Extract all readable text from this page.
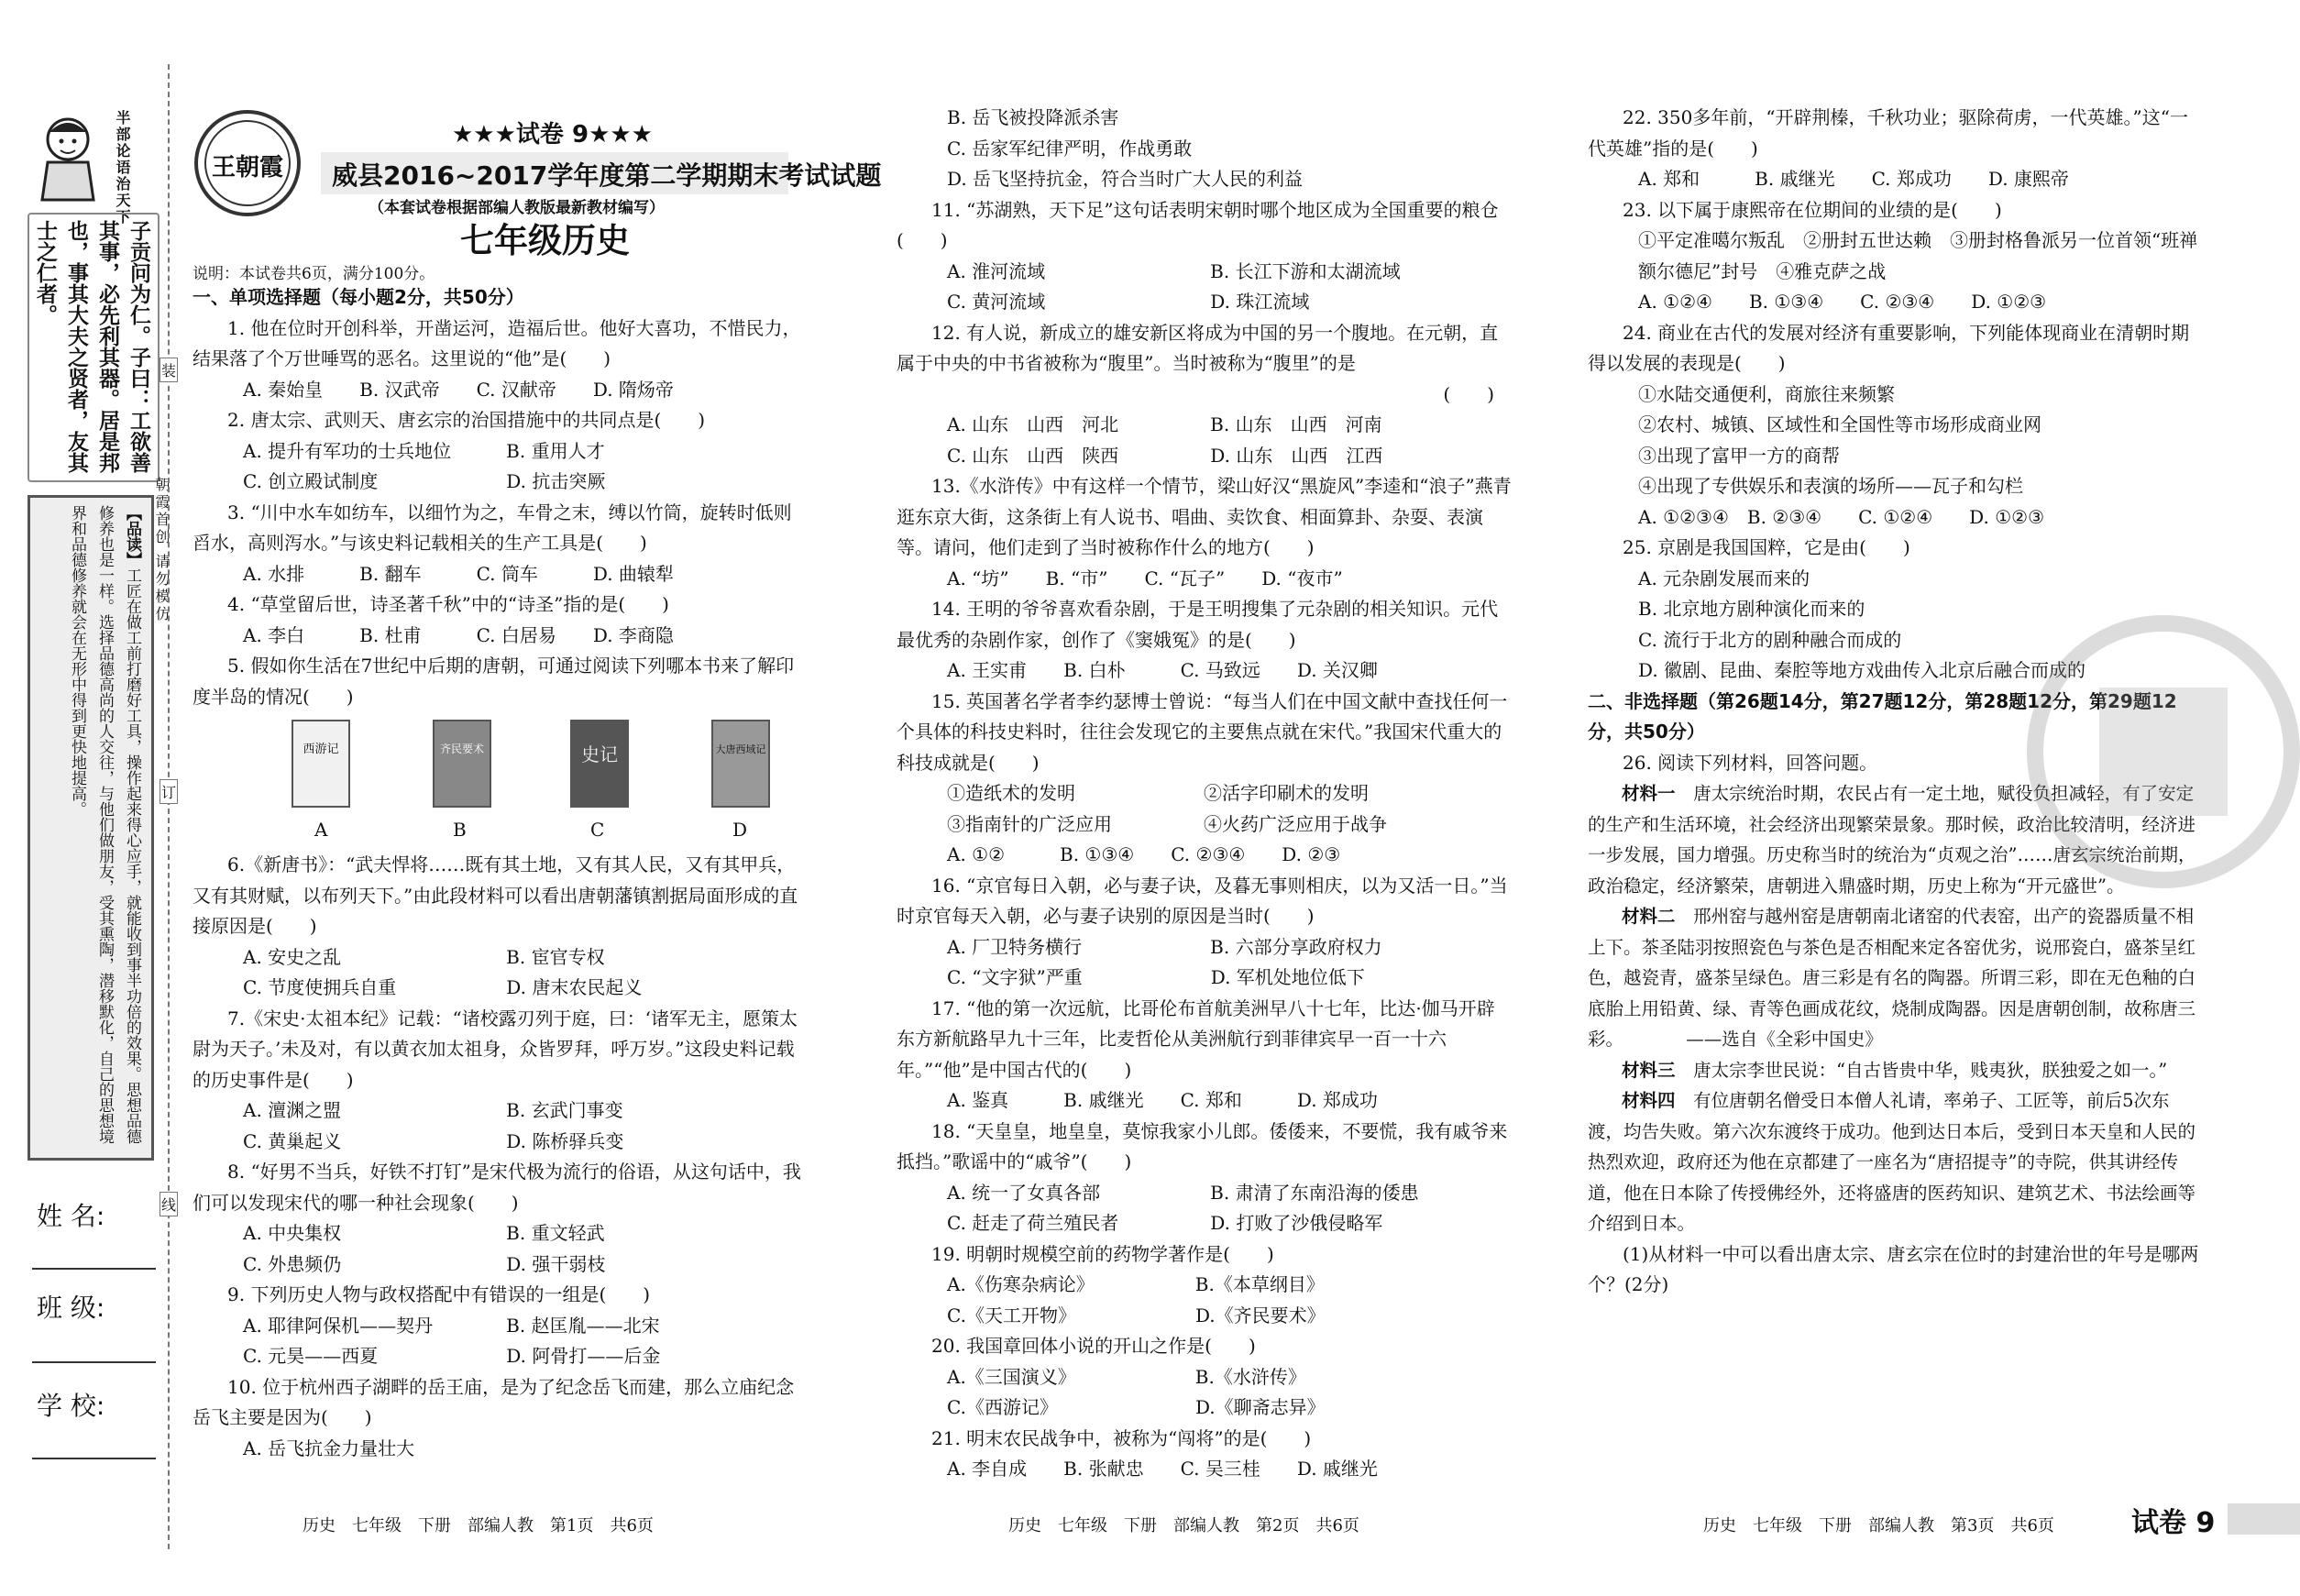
半部论语治天下
子贡问为仁。子曰：工欲善其事，必先利其器。居是邦也，事其大夫之贤者，友其士之仁者。
【品读】工匠在做工前打磨好工具，操作起来得心应手，就能收到事半功倍的效果。思想品德修养也是一样。选择品德高尚的人交往，与他们做朋友，受其熏陶，潜移默化，自己的思想境界和品德修养就会在无形中得到更快地提高。	朝霞首创 请勿模仿
装
订
线
姓 名:
班 级:
学 校:
王朝霞
★★★试卷 9★★★
威县2016~2017学年度第二学期期末考试试题
（本套试卷根据部编人教版最新教材编写）
七年级历史
说明：本试卷共6页，满分100分。

一、单项选择题（每小题2分，共50分）

1. 他在位时开创科举，开凿运河，造福后世。他好大喜功，不惜民力，结果落了个万世唾骂的恶名。这里说的“他”是(　　)

A. 秦始皇　　B. 汉武帝　　C. 汉献帝　　D. 隋炀帝

2. 唐太宗、武则天、唐玄宗的治国措施中的共同点是(　　)

A. 提升有军功的士兵地位　　　B. 重用人才

C. 创立殿试制度　　　　　　　D. 抗击突厥

3. “川中水车如纺车，以细竹为之，车骨之末，缚以竹筒，旋转时低则舀水，高则泻水。”与该史料记载相关的生产工具是(　　)

A. 水排　　　B. 翻车　　　C. 筒车　　　D. 曲辕犁

4. “草堂留后世，诗圣著千秋”中的“诗圣”指的是(　　)

A. 李白　　　B. 杜甫　　　C. 白居易　　D. 李商隐

5. 假如你生活在7世纪中后期的唐朝，可通过阅读下列哪本书来了解印度半岛的情况(　　)

西游记	齐民要术	史记	大唐西域记
A	B	C	D

6.《新唐书》：“武夫悍将……既有其土地，又有其人民，又有其甲兵，又有其财赋，以布列天下。”由此段材料可以看出唐朝藩镇割据局面形成的直接原因是(　　)

A. 安史之乱　　　　　　　　　B. 宦官专权

C. 节度使拥兵自重　　　　　　D. 唐末农民起义

7.《宋史·太祖本纪》记载：“诸校露刃列于庭，曰：‘诸军无主，愿策太尉为天子。’未及对，有以黄衣加太祖身，众皆罗拜，呼万岁。”这段史料记载的历史事件是(　　)

A. 澶渊之盟　　　　　　　　　B. 玄武门事变

C. 黄巢起义　　　　　　　　　D. 陈桥驿兵变

8. “好男不当兵，好铁不打钉”是宋代极为流行的俗语，从这句话中，我们可以发现宋代的哪一种社会现象(　　)

A. 中央集权　　　　　　　　　B. 重文轻武

C. 外患频仍　　　　　　　　　D. 强干弱枝

9. 下列历史人物与政权搭配中有错误的一组是(　　)

A. 耶律阿保机——契丹　　　　B. 赵匡胤——北宋

C. 元昊——西夏　　　　　　　D. 阿骨打——后金

10. 位于杭州西子湖畔的岳王庙，是为了纪念岳飞而建，那么立庙纪念岳飞主要是因为(　　)

A. 岳飞抗金力量壮大

B. 岳飞被投降派杀害

C. 岳家军纪律严明，作战勇敢

D. 岳飞坚持抗金，符合当时广大人民的利益

11. “苏湖熟，天下足”这句话表明宋朝时哪个地区成为全国重要的粮仓(　　)

A. 淮河流域　　　　　　　　　B. 长江下游和太湖流域

C. 黄河流域　　　　　　　　　D. 珠江流域

12. 有人说，新成立的雄安新区将成为中国的另一个腹地。在元朝，直属于中央的中书省被称为“腹里”。当时被称为“腹里”的是

(　　)

A. 山东　山西　河北　　　　　B. 山东　山西　河南

C. 山东　山西　陕西　　　　　D. 山东　山西　江西

13.《水浒传》中有这样一个情节，梁山好汉“黑旋风”李逵和“浪子”燕青逛东京大街，这条街上有人说书、唱曲、卖饮食、相面算卦、杂耍、表演等。请问，他们走到了当时被称作什么的地方(　　)

A. “坊”　　B. “市”　　C. “瓦子”　　D. “夜市”

14. 王明的爷爷喜欢看杂剧，于是王明搜集了元杂剧的相关知识。元代最优秀的杂剧作家，创作了《窦娥冤》的是(　　)

A. 王实甫　　B. 白朴　　　C. 马致远　　D. 关汉卿

15. 英国著名学者李约瑟博士曾说：“每当人们在中国文献中查找任何一个具体的科技史料时，往往会发现它的主要焦点就在宋代。”我国宋代重大的科技成就是(　　)

①造纸术的发明　　　　　　　②活字印刷术的发明

③指南针的广泛应用　　　　　④火药广泛应用于战争

A. ①②　　　B. ①③④　　C. ②③④　　D. ②③

16. “京官每日入朝，必与妻子诀，及暮无事则相庆，以为又活一日。”当时京官每天入朝，必与妻子诀别的原因是当时(　　)

A. 厂卫特务横行　　　　　　　B. 六部分享政府权力

C. “文字狱”严重　　　　　　　D. 军机处地位低下

17. “他的第一次远航，比哥伦布首航美洲早八十七年，比达·伽马开辟东方新航路早九十三年，比麦哲伦从美洲航行到菲律宾早一百一十六年。”“他”是中国古代的(　　)

A. 鉴真　　　B. 戚继光　　C. 郑和　　　D. 郑成功

18. “天皇皇，地皇皇，莫惊我家小儿郎。倭倭来，不要慌，我有戚爷来抵挡。”歌谣中的“戚爷”(　　)

A. 统一了女真各部　　　　　　B. 肃清了东南沿海的倭患

C. 赶走了荷兰殖民者　　　　　D. 打败了沙俄侵略军

19. 明朝时规模空前的药物学著作是(　　)

A.《伤寒杂病论》　　　　　　B.《本草纲目》

C.《天工开物》　　　　　　　D.《齐民要术》

20. 我国章回体小说的开山之作是(　　)

A.《三国演义》　　　　　　　B.《水浒传》

C.《西游记》　　　　　　　　D.《聊斋志异》

21. 明末农民战争中，被称为“闯将”的是(　　)

A. 李自成　　B. 张献忠　　C. 吴三桂　　D. 戚继光

22. 350多年前，“开辟荆榛，千秋功业；驱除荷虏，一代英雄。”这“一代英雄”指的是(　　)

A. 郑和　　　B. 戚继光　　C. 郑成功　　D. 康熙帝

23. 以下属于康熙帝在位期间的业绩的是(　　)

①平定准噶尔叛乱　②册封五世达赖　③册封格鲁派另一位首领“班禅额尔德尼”封号　④雅克萨之战

A. ①②④　　B. ①③④　　C. ②③④　　D. ①②③

24. 商业在古代的发展对经济有重要影响，下列能体现商业在清朝时期得以发展的表现是(　　)

①水陆交通便利，商旅往来频繁

②农村、城镇、区域性和全国性等市场形成商业网

③出现了富甲一方的商帮

④出现了专供娱乐和表演的场所——瓦子和勾栏

A. ①②③④　B. ②③④　　C. ①②④　　D. ①②③

25. 京剧是我国国粹，它是由(　　)

A. 元杂剧发展而来的

B. 北京地方剧种演化而来的

C. 流行于北方的剧种融合而成的

D. 徽剧、昆曲、秦腔等地方戏曲传入北京后融合而成的

二、非选择题（第26题14分，第27题12分，第28题12分，第29题12分，共50分）

26. 阅读下列材料，回答问题。

材料一　 唐太宗统治时期，农民占有一定土地，赋役负担减轻，有了安定的生产和生活环境，社会经济出现繁荣景象。那时候，政治比较清明，经济进一步发展，国力增强。历史称当时的统治为“贞观之治”……唐玄宗统治前期，政治稳定，经济繁荣，唐朝进入鼎盛时期，历史上称为“开元盛世”。

材料二　 邢州窑与越州窑是唐朝南北诸窑的代表窑，出产的瓷器质量不相上下。茶圣陆羽按照瓷色与茶色是否相配来定各窑优劣，说邢瓷白，盛茶呈红色，越瓷青，盛茶呈绿色。唐三彩是有名的陶器。所谓三彩，即在无色釉的白底胎上用铅黄、绿、青等色画成花纹，烧制成陶器。因是唐朝创制，故称唐三彩。　　　　——选自《全彩中国史》

材料三　 唐太宗李世民说：“自古皆贵中华，贱夷狄，朕独爱之如一。”

材料四　 有位唐朝名僧受日本僧人礼请，率弟子、工匠等，前后5次东渡，均告失败。第六次东渡终于成功。他到达日本后，受到日本天皇和人民的热烈欢迎，政府还为他在京都建了一座名为“唐招提寺”的寺院，供其讲经传道，他在日本除了传授佛经外，还将盛唐的医药知识、建筑艺术、书法绘画等介绍到日本。

(1)从材料一中可以看出唐太宗、唐玄宗在位时的封建治世的年号是哪两个？(2分)

历史　七年级　下册　部编人教　第1页　共6页	历史　七年级　下册　部编人教　第2页　共6页	历史　七年级　下册　部编人教　第3页　共6页	试卷 9
